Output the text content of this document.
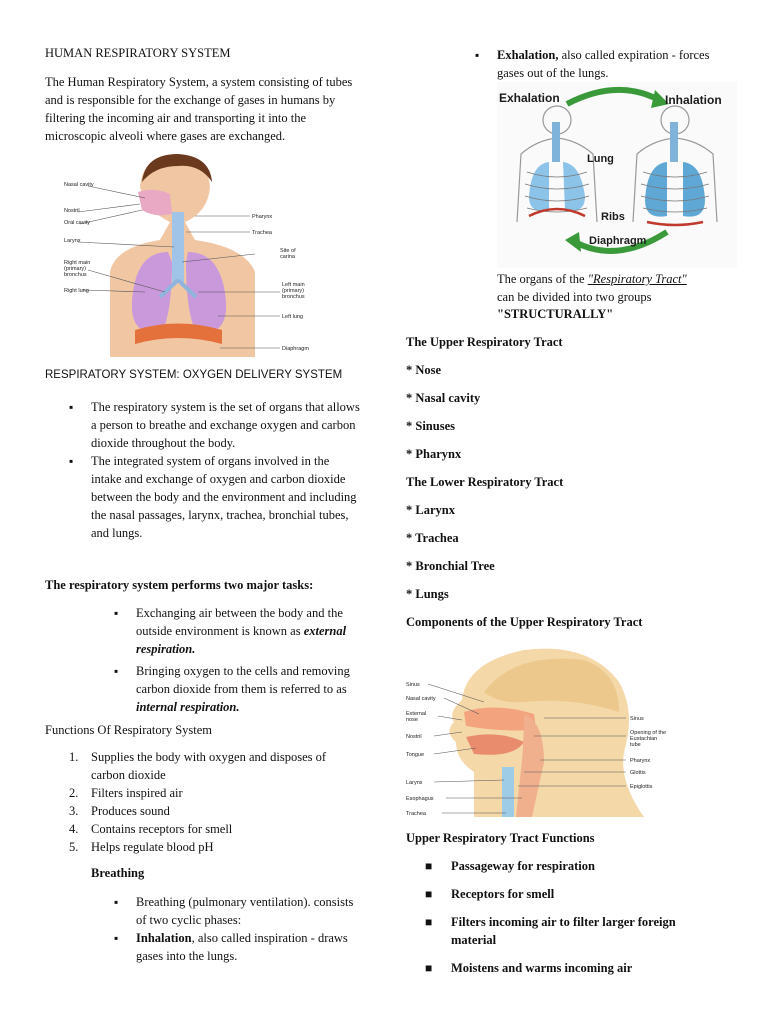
HUMAN RESPIRATORY SYSTEM
The Human Respiratory System, a system consisting of tubes and is responsible for the exchange of gases in humans by filtering the incoming air and transporting it into the microscopic alveoli where gases are exchanged.
Nasal cavity
Nostril
Oral cavity
Larynx
Right main
(primary)
bronchus
Right lung
Pharynx
Trachea
Site of
carina
Left main
(primary)
bronchus
Left lung
Diaphragm
RESPIRATORY SYSTEM: OXYGEN DELIVERY SYSTEM
▪ The respiratory system is the set of organs that allows a person to breathe and exchange oxygen and carbon dioxide throughout the body.
▪ The integrated system of organs involved in the intake and exchange of oxygen and carbon dioxide between the body and the environment and including the nasal passages, larynx, trachea, bronchial tubes, and lungs.
The respiratory system performs two major tasks:
▪ Exchanging air between the body and the outside environment is known as external respiration.
▪ Bringing oxygen to the cells and removing carbon dioxide from them is referred to as internal respiration.
Functions Of Respiratory System
1. Supplies the body with oxygen and disposes of carbon dioxide
2. Filters inspired air
3. Produces sound
4. Contains receptors for smell
5. Helps regulate blood pH
Breathing
▪ Breathing (pulmonary ventilation). consists of two cyclic phases:
▪ Inhalation, also called inspiration - draws gases into the lungs.
▪ Exhalation, also called expiration - forces gases out of the lungs.
Exhalation	Inhalation
Lung
Ribs
Diaphragm
The organs of the "Respiratory Tract"
can be divided into two groups
"STRUCTURALLY"
The Upper Respiratory Tract
* Nose
* Nasal cavity
* Sinuses
* Pharynx
The Lower Respiratory Tract
* Larynx
* Trachea
* Bronchial Tree
* Lungs
Components of the Upper Respiratory Tract
Sinus
Nasal cavity
External
nose
Nostril
Tongue
Larynx
Esophagus
Trachea
Sinus
Opening of the
Eustachian
tube
Pharynx
Glottis
Epiglottis
Upper Respiratory Tract Functions
■ Passageway for respiration
■ Receptors for smell
■ Filters incoming air to filter larger foreign material
■ Moistens and warms incoming air
